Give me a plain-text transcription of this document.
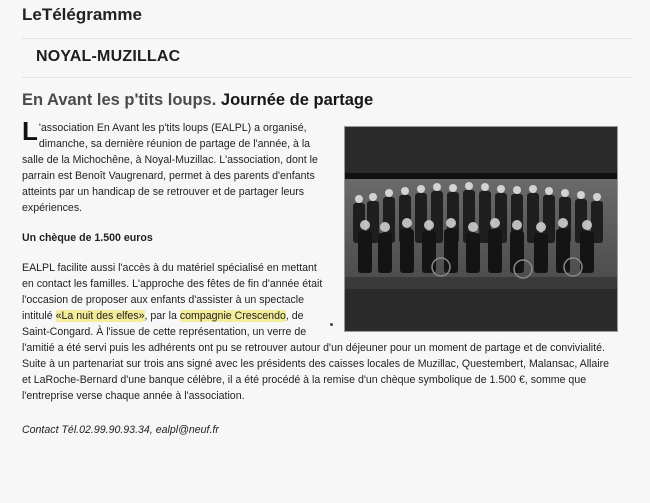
LeTélégramme
NOYAL-MUZILLAC
En Avant les p'tits loups. Journée de partage

L 'association En Avant les p'tits loups (EALPL) a organisé, dimanche, sa dernière réunion de partage de l'année, à la salle de la Michochêne, à Noyal-Muzillac. L'association, dont le parrain est Benoît Vaugrenard, permet à des parents d'enfants atteints par un handicap de se retrouver et de partager leurs expériences.

Un chèque de 1.500 euros

EALPL facilite aussi l'accès à du matériel spécialisé en mettant en contact les familles. L'approche des fêtes de fin d'année était l'occasion de proposer aux enfants d'assister à un spectacle intitulé «La nuit des elfes», par la compagnie Crescendo, de Saint-Congard. À l'issue de cette représentation, un verre de l'amitié a été servi puis les adhérents ont pu se retrouver autour d'un déjeuner pour un moment de partage et de convivialité. Suite à un partenariat sur trois ans signé avec les présidents des caisses locales de Muzillac, Questembert, Malansac, Allaire et LaRoche-Bernard d'une banque célèbre, il a été procédé à la remise d'un chèque symbolique de 1.500 €, somme que l'entreprise verse chaque année à l'association.

Contact Tél.02.99.90.93.34, ealpl@neuf.fr
